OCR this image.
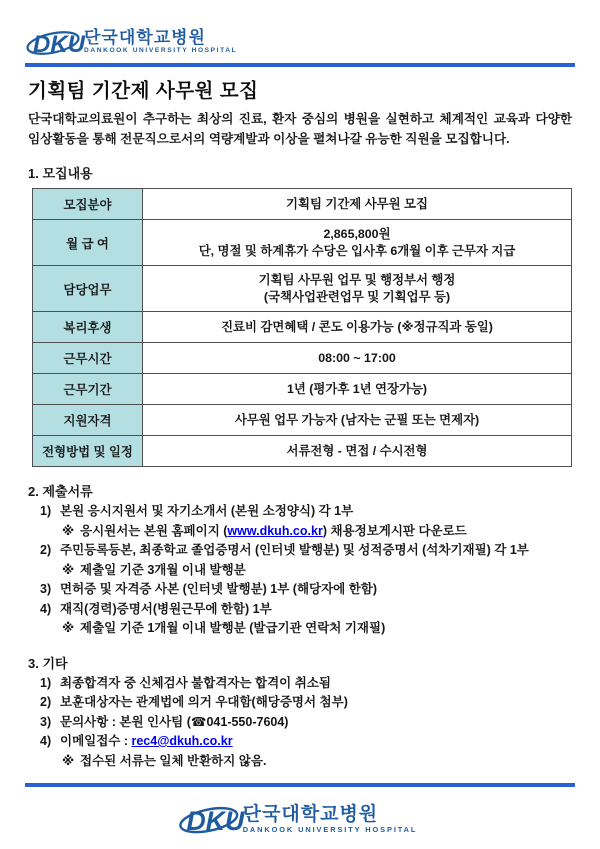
DKU 단국대학교병원
DANKOOK UNIVERSITY HOSPITAL
기획팀 기간제 사무원 모집
단국대학교의료원이 추구하는 최상의 진료, 환자 중심의 병원을 실현하고 체계적인 교육과 다양한 임상활동을 통해 전문직으로서의 역량계발과 이상을 펼쳐나갈 유능한 직원을 모집합니다.
1. 모집내용
모집분야	기획팀 기간제 사무원 모집

월 급 여	2,865,800원
단, 명절 및 하계휴가 수당은 입사후 6개월 이후 근무자 지급

담당업무	기획팀 사무원 업무 및 행정부서 행정
(국책사업관련업무 및 기획업무 등)

복리후생	진료비 감면혜택 / 콘도 이용가능 (※정규직과 동일)

근무시간	08:00 ~ 17:00

근무기간	1년 (평가후 1년 연장가능)

지원자격	사무원 업무 가능자 (남자는 군필 또는 면제자)

전형방법 및 일정	서류전형 - 면접 / 수시전형
2. 제출서류
1) 본원 응시지원서 및 자기소개서 (본원 소정양식) 각 1부
※ 응시원서는 본원 홈페이지 (www.dkuh.co.kr) 채용정보게시판 다운로드
2) 주민등록등본, 최종학교 졸업증명서 (인터넷 발행분) 및 성적증명서 (석차기재필) 각 1부
※ 제출일 기준 3개월 이내 발행분
3) 면허증 및 자격증 사본 (인터넷 발행분) 1부 (해당자에 한함)
4) 재직(경력)증명서(병원근무에 한함) 1부
※ 제출일 기준 1개월 이내 발행분 (발급기관 연락처 기재필)
3. 기타
1) 최종합격자 중 신체검사 불합격자는 합격이 취소됨
2) 보훈대상자는 관계법에 의거 우대함(해당증명서 첨부)
3) 문의사항 : 본원 인사팀 (☎041-550-7604)
4) 이메일접수 : rec4@dkuh.co.kr
※ 접수된 서류는 일체 반환하지 않음.
DKU
단국대학교병원
DANKOOK UNIVERSITY HOSPITAL
